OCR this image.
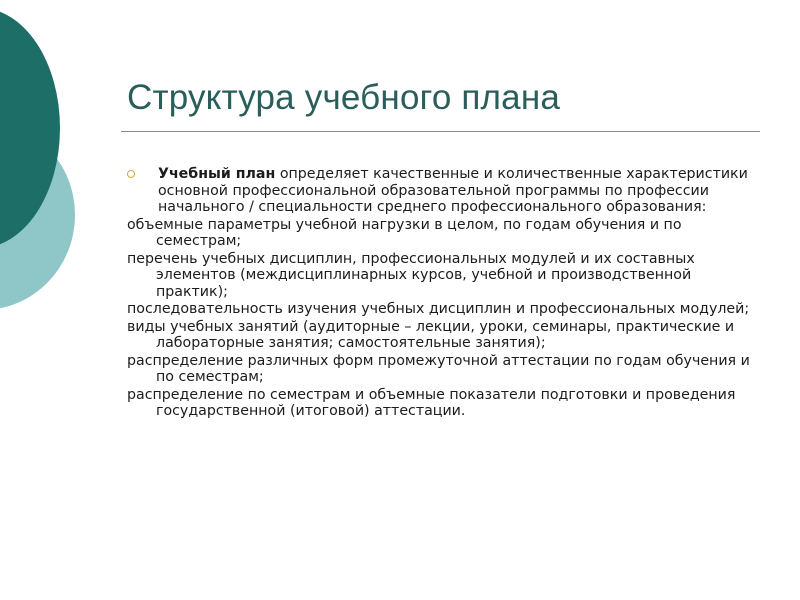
Структура учебного плана
Учебный план определяет качественные и количественные характеристики основной профессиональной образовательной программы по профессии начального / специальности среднего профессионального образования:
объемные параметры учебной нагрузки в целом, по годам обучения и по семестрам;
перечень учебных дисциплин, профессиональных модулей и их составных элементов (междисциплинарных курсов, учебной и производственной практик);
последовательность изучения учебных дисциплин и профессиональных модулей;
виды учебных занятий (аудиторные – лекции, уроки, семинары, практические и лабораторные занятия; самостоятельные занятия);
распределение различных форм промежуточной аттестации по годам обучения и по семестрам;
распределение по семестрам и объемные показатели подготовки и проведения государственной (итоговой) аттестации.
